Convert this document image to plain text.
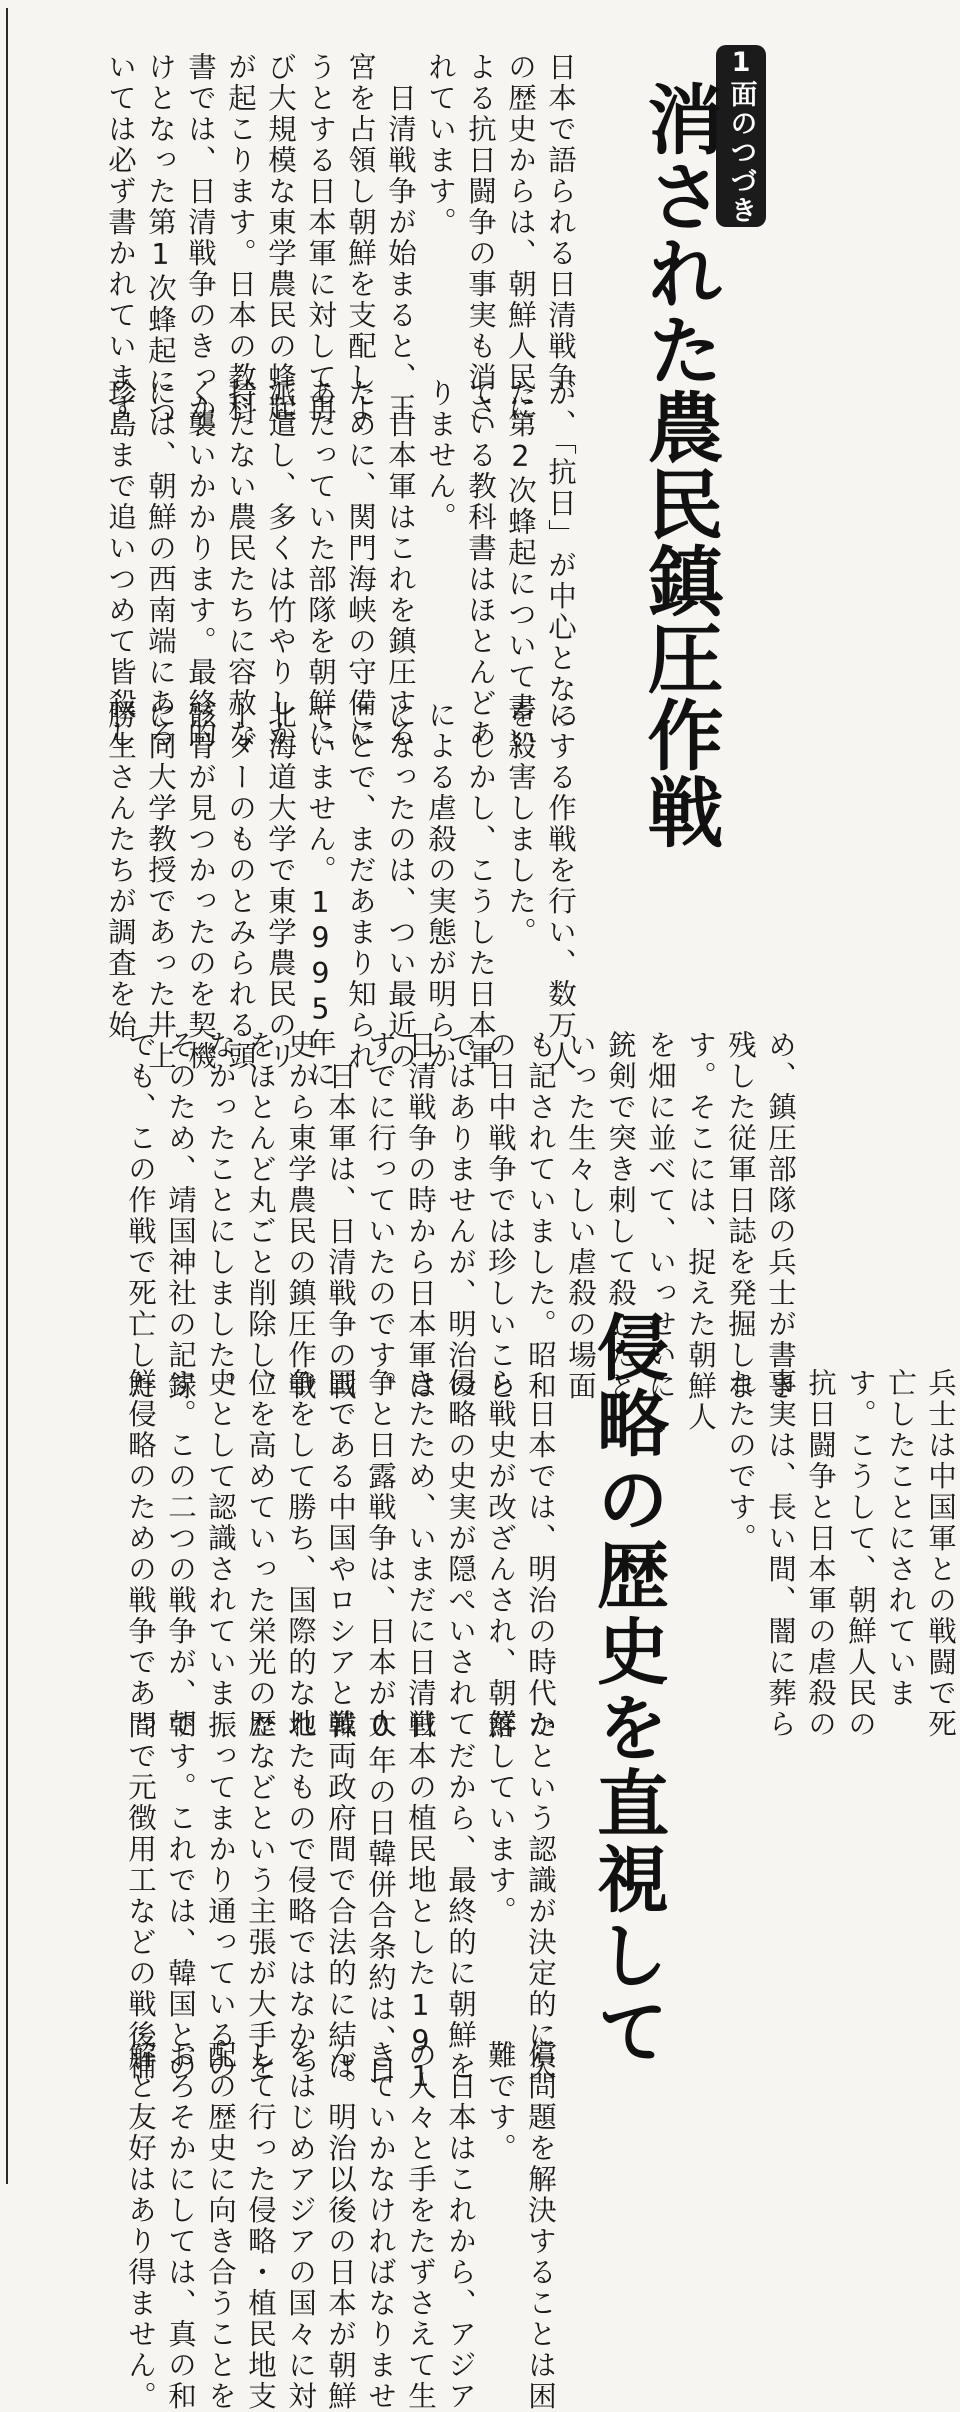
1面のつづき
消された農民鎮圧作戦
日本で語られる日清戦争
の歴史からは、朝鮮人民に
よる抗日闘争の事実も消さ
れています。
　日清戦争が始まると、王
宮を占領し朝鮮を支配しよ
うとする日本軍に対して再
び大規模な東学農民の蜂起
が起こります。日本の教科
書では、日清戦争のきっか
けとなった第1次蜂起につ
いては必ず書かれています
が、「抗日」が中心となっ
た第2次蜂起について書い
ている教科書はほとんどあ
りません。
　日本軍はこれを鎮圧する
ために、関門海峡の守備に
あたっていた部隊を朝鮮に
派遣し、多くは竹やりしか
持たない農民たちに容赦な
く襲いかかります。最終的
には、朝鮮の西南端にある
珍島まで追いつめて皆殺し
にする作戦を行い、数万人
を殺害しました。
　しかし、こうした日本軍
による虐殺の実態が明らか
になったのは、つい最近の
ことで、まだあまり知られ
ていません。1995年に
北海道大学で東学農民のリ
ーダーのものとみられる頭
骸骨が見つかったのを契機
に同大学教授であった井上
勝生さんたちが調査を始
め、鎮圧部隊の兵士が書き
残した従軍日誌を発掘しま
す。そこには、捉えた朝鮮人
を畑に並べて、いっせいに
銃剣で突き刺して殺したと
いった生々しい虐殺の場面
も記されていました。昭和
の日中戦争では珍しいこと
ではありませんが、明治の
日清戦争の時から日本軍は
すでに行っていたのです。
　日本軍は、日清戦争の戦
史から東学農民の鎮圧作戦
をほとんど丸ごと削除し、
なかったことにしました。
そのため、靖国神社の記録
でも、この作戦で死亡した
侵略の歴史を直視して	兵士は中国軍との戦闘で死
亡したことにされていま
す。こうして、朝鮮人民の
抗日闘争と日本軍の虐殺の
事実は、長い間、闇に葬ら
れたのです。
　日本では、明治の時代か
ら戦史が改ざんされ、朝鮮
侵略の史実が隠ぺいされて
きたため、いまだに日清戦
争と日露戦争は、日本が大
国である中国やロシアと戦
争をして勝ち、国際的な地
位を高めていった栄光の歴
史として認識されていま
す。この二つの戦争が、朝
鮮侵略のための戦争であっ
たという認識が決定的に欠
落しています。
　だから、最終的に朝鮮を
日本の植民地とした191
0年の日韓併合条約は、日
韓両政府間で合法的に結ば
れたもので侵略ではなかっ
たなどという主張が大手を
振ってまかり通っているの
です。これでは、韓国との
間で元徴用工などの戦後補
償問題を解決することは困
難です。
　日本はこれから、アジア
の人々と手をたずさえて生
きていかなければなりませ
ん。明治以後の日本が朝鮮
をはじめアジアの国々に対
して行った侵略・植民地支
配の歴史に向き合うことを
おろそかにしては、真の和
解と友好はあり得ません。
